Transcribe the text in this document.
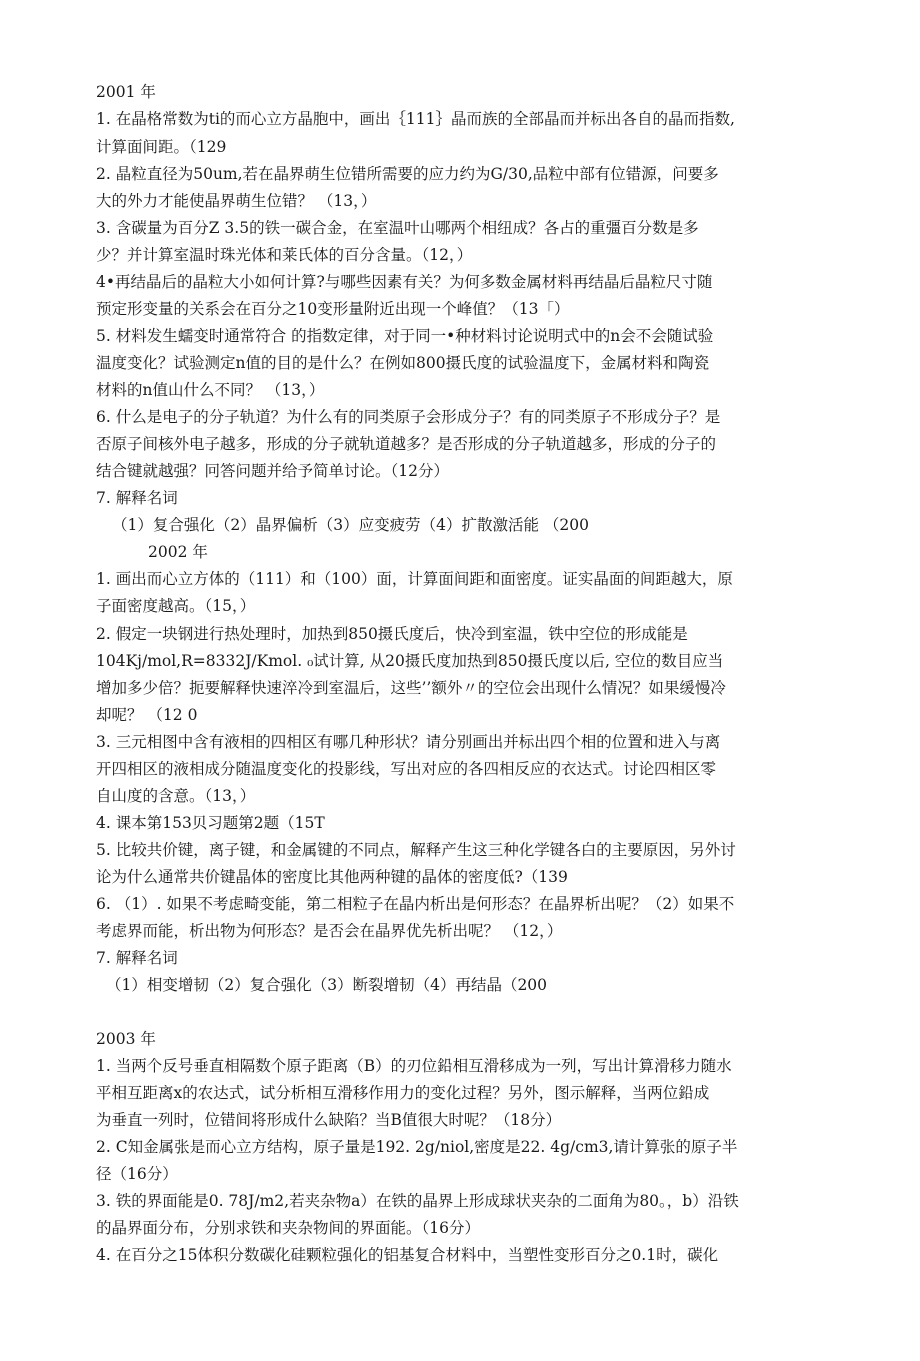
2001 年

1. 在晶格常数为ti的而心立方晶胞中，画出｛111｝晶而族的全部晶而并标出各自的晶而指数,

计算面间距。（129

2. 晶粒直径为50um,若在晶界萌生位错所需要的应力约为G/30,品粒中部有位错源，问要多

大的外力才能使晶界萌生位错？ （13，）

3. 含碳量为百分Z 3.5的铁一碳合金，在室温叶山哪两个相纽成？各占的重彊百分数是多

少？并计算室温时珠光体和莱氏体的百分含量。（12，）

4•再结晶后的晶粒大小如何计算?与哪些因素有关？为何多数金属材料再结晶后晶粒尺寸随

预定形变量的关系会在百分之10变形量附近出现一个峰值？（13「）

5. 材料发生蠕变时通常符合 的指数定律，对于同一•种材料讨论说明式中的n会不会随试验

温度变化？试验测定n值的目的是什么？在例如800摄氏度的试验温度下，金属材料和陶瓷

材料的n值山什么不同？ （13，）

6. 什么是电子的分子轨道？为什么有的同类原子会形成分子？有的同类原子不形成分子？是

否原子间核外电子越多，形成的分子就轨道越多？是否形成的分子轨道越多，形成的分子的

结合键就越强？冋答问题并给予简单讨论。（12分）

7. 解释名词

（1）复合强化（2）晶界偏析（3）应变疲劳（4）扩散激活能 （200

2002 年

1. 画出而心立方体的（111）和（100）面，计算面间距和面密度。证实晶面的间距越大，原

子面密度越高。（15，）

2. 假定一块钢进行热处理时，加热到850摄氏度后，快冷到室温，铁中空位的形成能是

104Kj/mol,R=8332J/Kmol. ₀试计算, 从20摄氏度加热到850摄氏度以后, 空位的数目应当

增加多少倍？扼要解释快速淬冷到室温后，这些’’额外〃的空位会出现什么情况？如果缓慢冷

却呢？ （12 0

3. 三元相图中含有液相的四相区有哪几种形状？请分别画出并标出四个相的位置和进入与离

开四相区的液相成分随温度变化的投影线，写出对应的各四相反应的衣达式。讨论四相区零

自山度的含意。（13，）

4. 课本第153贝习题第2题（15T

5. 比较共价键，离子键，和金属键的不同点，解释产生这三种化学键各白的主要原因，另外讨

论为什么通常共价键晶体的密度比其他两种键的晶体的密度低?（139

6. （1）. 如果不考虑畸变能，第二相粒子在晶内析出是何形态？在晶界析出呢？（2）如果不

考虑界而能，析出物为何形态？是否会在晶界优先析出呢？ （12，）

7. 解释名词

（1）相变增韧（2）复合强化（3）断裂增韧（4）再结晶（200

2003 年

1. 当两个反号垂直相隔数个原子距离（B）的刃位鉛相互滑移成为一列，写出计算滑移力随水

平相互距离x的农达式，试分析相互滑移作用力的变化过程？另外，图示解释，当两位鉛成

为垂直一列时，位错间将形成什么缺陷？当B值很大时呢？（18分）

2. C知金属张是而心立方结构，原子量是192. 2g/niol,密度是22. 4g/cm3,请计算张的原子半

径（16分）

3. 铁的界面能是0. 78J/m2,若夹杂物a）在铁的晶界上形成球状夹杂的二面角为80。，b）沿铁

的晶界面分布，分别求铁和夹杂物间的界面能。（16分）

4. 在百分之15体积分数碳化硅颗粒强化的铝基复合材料中，当塑性变形百分之0.1时，碳化
